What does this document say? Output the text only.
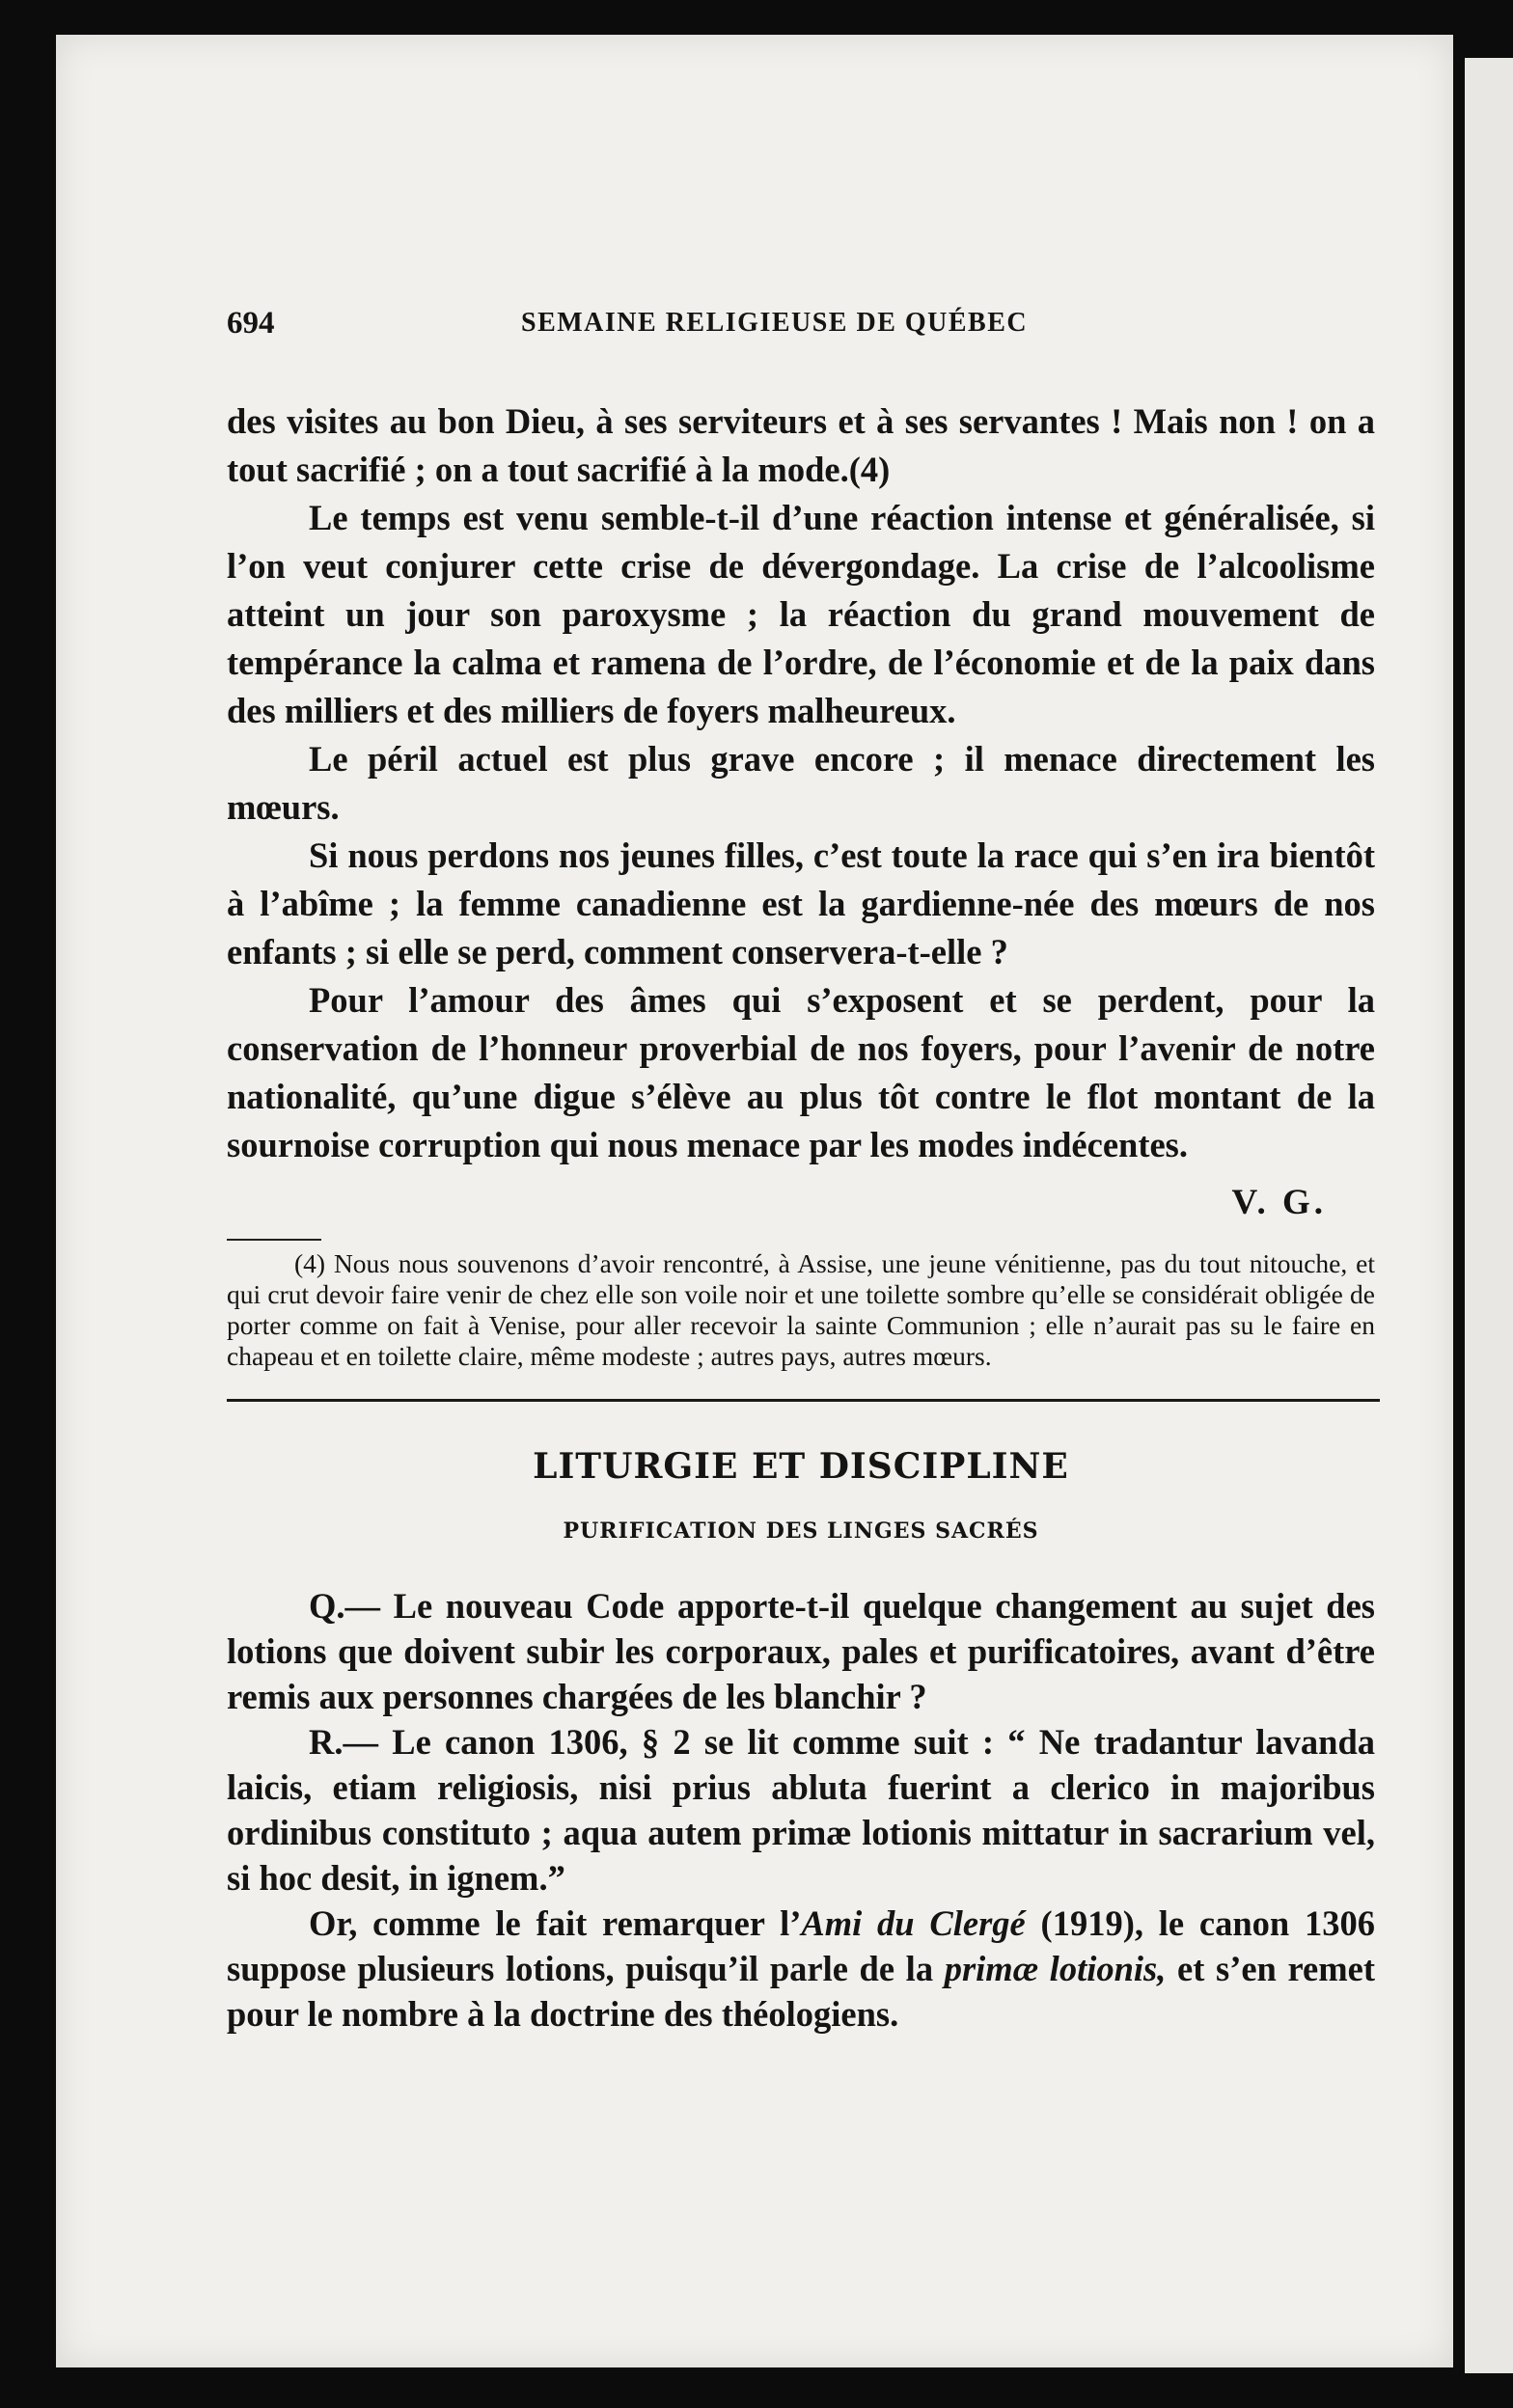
694	SEMAINE RELIGIEUSE DE QUÉBEC

des visites au bon Dieu, à ses serviteurs et à ses servantes ! Mais non ! on a tout sacrifié ; on a tout sacrifié à la mode.(4)

Le temps est venu semble-t-il d’une réaction intense et généralisée, si l’on veut conjurer cette crise de dévergondage. La crise de l’alcoolisme atteint un jour son paroxysme ; la réaction du grand mouvement de tempérance la calma et ramena de l’ordre, de l’économie et de la paix dans des milliers et des milliers de foyers malheureux.

Le péril actuel est plus grave encore ; il menace directement les mœurs.

Si nous perdons nos jeunes filles, c’est toute la race qui s’en ira bientôt à l’abîme ; la femme canadienne est la gardienne-née des mœurs de nos enfants ; si elle se perd, comment conservera-t-elle ?

Pour l’amour des âmes qui s’exposent et se perdent, pour la conservation de l’honneur proverbial de nos foyers, pour l’avenir de notre nationalité, qu’une digue s’élève au plus tôt contre le flot montant de la sournoise corruption qui nous menace par les modes indécentes.

V. G.
(4) Nous nous souvenons d’avoir rencontré, à Assise, une jeune vénitienne, pas du tout nitouche, et qui crut devoir faire venir de chez elle son voile noir et une toilette sombre qu’elle se considérait obligée de porter comme on fait à Venise, pour aller recevoir la sainte Communion ; elle n’aurait pas su le faire en chapeau et en toilette claire, même modeste ; autres pays, autres mœurs.
LITURGIE ET DISCIPLINE
PURIFICATION DES LINGES SACRÉS

Q.— Le nouveau Code apporte-t-il quelque changement au sujet des lotions que doivent subir les corporaux, pales et purificatoires, avant d’être remis aux personnes chargées de les blanchir ?

R.— Le canon 1306, § 2 se lit comme suit : “ Ne tradantur lavanda laicis, etiam religiosis, nisi prius abluta fuerint a clerico in majoribus ordinibus constituto ; aqua autem primæ lotionis mittatur in sacrarium vel, si hoc desit, in ignem.”

Or, comme le fait remarquer l’Ami du Clergé (1919), le canon 1306 suppose plusieurs lotions, puisqu’il parle de la primæ lotionis, et s’en remet pour le nombre à la doctrine des théologiens.
